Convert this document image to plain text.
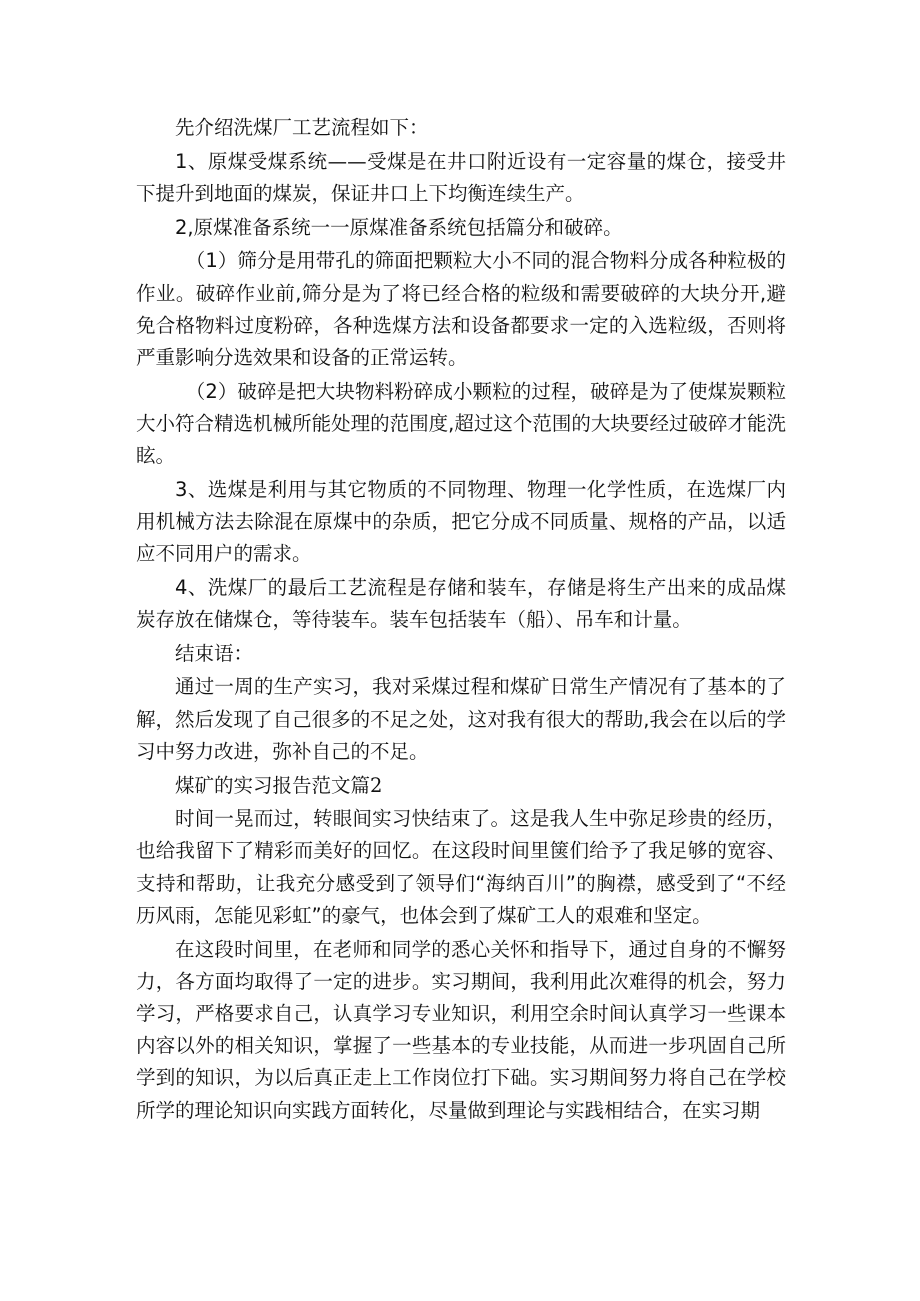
先介绍洗煤厂工艺流程如下：

1、原煤受煤系统——受煤是在井口附近设有一定容量的煤仓，接受井下提升到地面的煤炭，保证井口上下均衡连续生产。

2,原煤准备系统一一原煤准备系统包括篇分和破碎。

（1）筛分是用带孔的筛面把颗粒大小不同的混合物料分成各种粒极的作业。破碎作业前,筛分是为了将已经合格的粒级和需要破碎的大块分开,避免合格物料过度粉碎，各种选煤方法和设备都要求一定的入选粒级，否则将严重影响分选效果和设备的正常运转。

（2）破碎是把大块物料粉碎成小颗粒的过程，破碎是为了使煤炭颗粒大小符合精选机械所能处理的范围度,超过这个范围的大块要经过破碎才能洗眩。

3、选煤是利用与其它物质的不同物理、物理一化学性质，在选煤厂内用机械方法去除混在原煤中的杂质，把它分成不同质量、规格的产品，以适应不同用户的需求。

4、洗煤厂的最后工艺流程是存储和装车，存储是将生产出来的成品煤炭存放在储煤仓，等待装车。装车包括装车（船）、吊车和计量。

结束语：

通过一周的生产实习，我对采煤过程和煤矿日常生产情况有了基本的了解，然后发现了自己很多的不足之处，这对我有很大的帮助,我会在以后的学习中努力改进，弥补自己的不足。

煤矿的实习报告范文篇2

时间一晃而过，转眼间实习快结束了。这是我人生中弥足珍贵的经历，也给我留下了精彩而美好的回忆。在这段时间里箧们给予了我足够的宽容、支持和帮助，让我充分感受到了领导们“海纳百川”的胸襟，感受到了“不经历风雨，怎能见彩虹”的豪气，也体会到了煤矿工人的艰难和坚定。

在这段时间里，在老师和同学的悉心关怀和指导下，通过自身的不懈努力，各方面均取得了一定的进步。实习期间，我利用此次难得的机会，努力学习，严格要求自己，认真学习专业知识，利用空余时间认真学习一些课本内容以外的相关知识，掌握了一些基本的专业技能，从而进一步巩固自己所学到的知识，为以后真正走上工作岗位打下础。实习期间努力将自己在学校所学的理论知识向实践方面转化，尽量做到理论与实践相结合，在实习期
